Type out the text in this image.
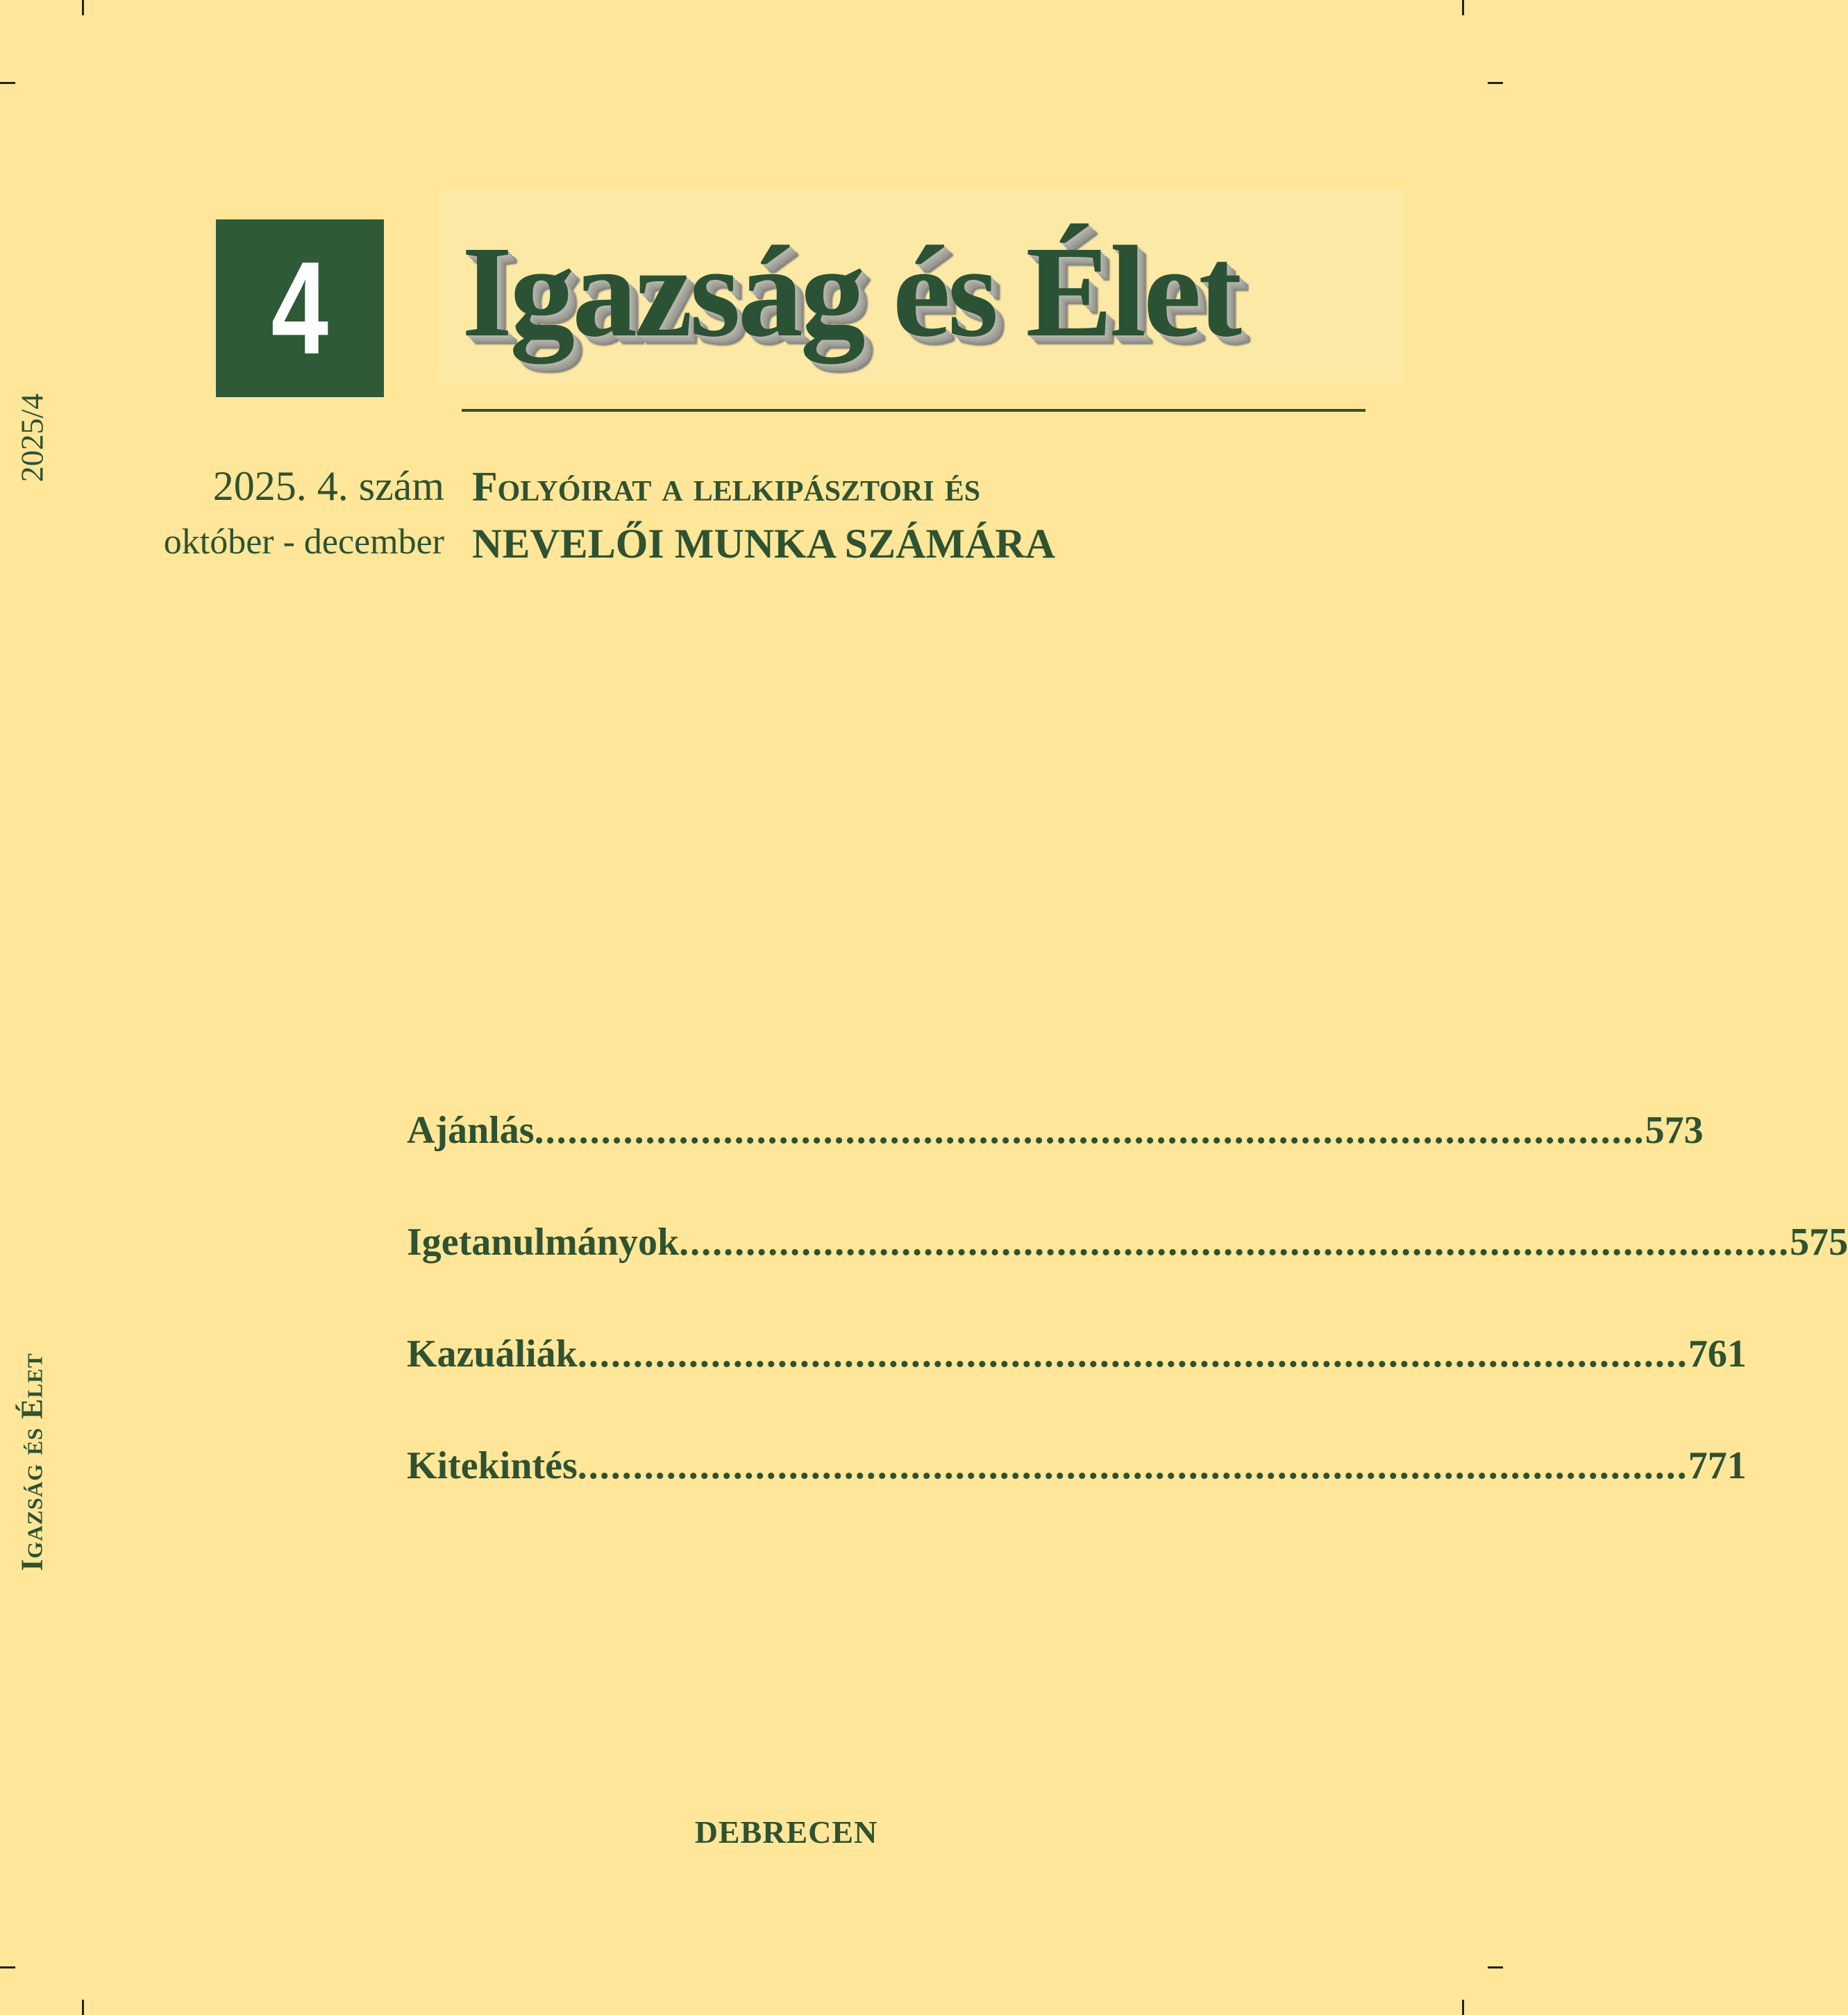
2025/4
Igazság és Élet
4 Igazság és Élet
2025. 4. szám
október - december
Folyóirat a lelkipásztori és
NEVELŐI MUNKA SZÁMÁRA
Ajánlás .................................................................................................... 573
Igetanulmányok .................................................................................................... 575
Kazuáliák .................................................................................................... 761
Kitekintés .................................................................................................... 771
DEBRECEN
